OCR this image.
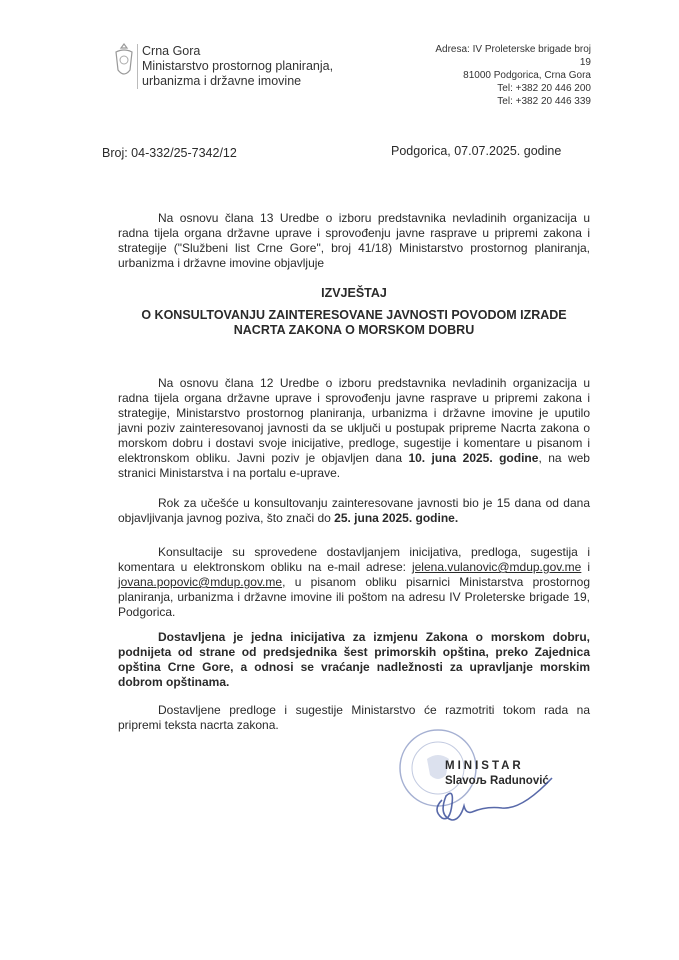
Crna Gora
Ministarstvo prostornog planiranja,
urbanizma i državne imovine
Adresa: IV Proleterske brigade broj
19
81000 Podgorica, Crna Gora
Tel: +382 20 446 200
Tel: +382 20 446 339
Broj: 04-332/25-7342/12	Podgorica, 07.07.2025. godine
Na osnovu člana 13 Uredbe o izboru predstavnika nevladinih organizacija u radna tijela organa državne uprave i sprovođenju javne rasprave u pripremi zakona i strategije ("Službeni list Crne Gore", broj 41/18) Ministarstvo prostornog planiranja, urbanizma i državne imovine objavljuje
IZVJEŠTAJ
O KONSULTOVANJU ZAINTERESOVANE JAVNOSTI POVODOM IZRADE
NACRTA ZAKONA O MORSKOM DOBRU
Na osnovu člana 12 Uredbe o izboru predstavnika nevladinih organizacija u radna tijela organa državne uprave i sprovođenju javne rasprave u pripremi zakona i strategije, Ministarstvo prostornog planiranja, urbanizma i državne imovine je uputilo javni poziv zainteresovanoj javnosti da se uključi u postupak pripreme Nacrta zakona o morskom dobru i dostavi svoje inicijative, predloge, sugestije i komentare u pisanom i elektronskom obliku. Javni poziv je objavljen dana 10. juna 2025. godine, na web stranici Ministarstva i na portalu e-uprave.
Rok za učešće u konsultovanju zainteresovane javnosti bio je 15 dana od dana objavljivanja javnog poziva, što znači do 25. juna 2025. godine.
Konsultacije su sprovedene dostavljanjem inicijativa, predloga, sugestija i komentara u elektronskom obliku na e-mail adrese: jelena.vulanovic@mdup.gov.me i jovana.popovic@mdup.gov.me, u pisanom obliku pisarnici Ministarstva prostornog planiranja, urbanizma i državne imovine ili poštom na adresu IV Proleterske brigade 19, Podgorica.
Dostavljena je jedna inicijativa za izmjenu Zakona o morskom dobru, podnijeta od strane od predsjednika šest primorskih opština, preko Zajednica opština Crne Gore, a odnosi se vraćanje nadležnosti za upravljanje morskim dobrom opštinama.
Dostavljene predloge i sugestije Ministarstvo će razmotriti tokom rada na pripremi teksta nacrta zakona.
MINISTAR
Slavoљ Radunović
